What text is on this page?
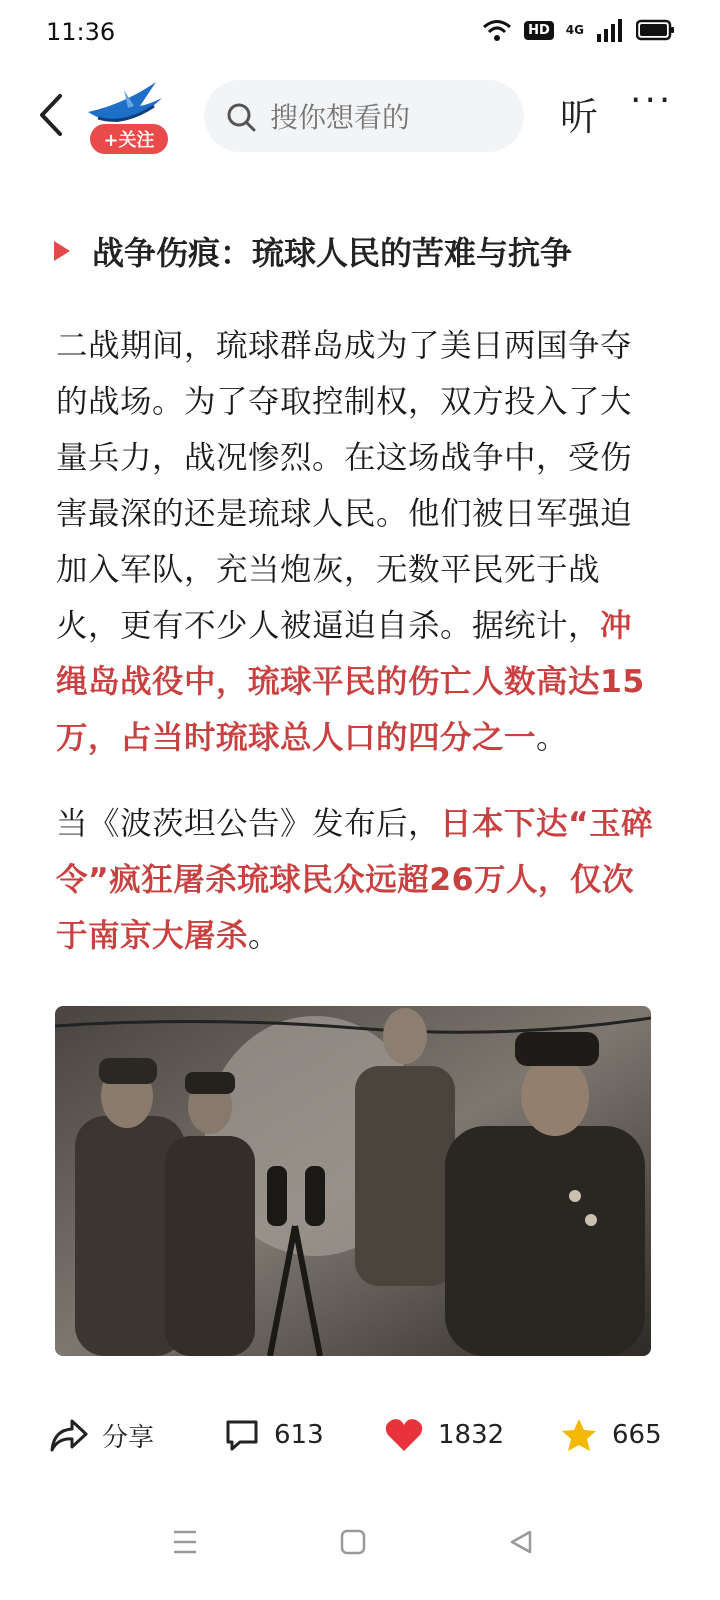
11:36	HD	4G
+关注
搜你想看的
听 ···
战争伤痕：琉球人民的苦难与抗争
二战期间，琉球群岛成为了美日两国争夺的战场。为了夺取控制权，双方投入了大量兵力，战况惨烈。在这场战争中，受伤害最深的还是琉球人民。他们被日军强迫加入军队，充当炮灰，无数平民死于战火，更有不少人被逼迫自杀。据统计，冲绳岛战役中，琉球平民的伤亡人数高达15万，占当时琉球总人口的四分之一。
当《波茨坦公告》发布后，日本下达“玉碎令”疯狂屠杀琉球民众远超26万人，仅次于南京大屠杀。
分享	613	1832	665
